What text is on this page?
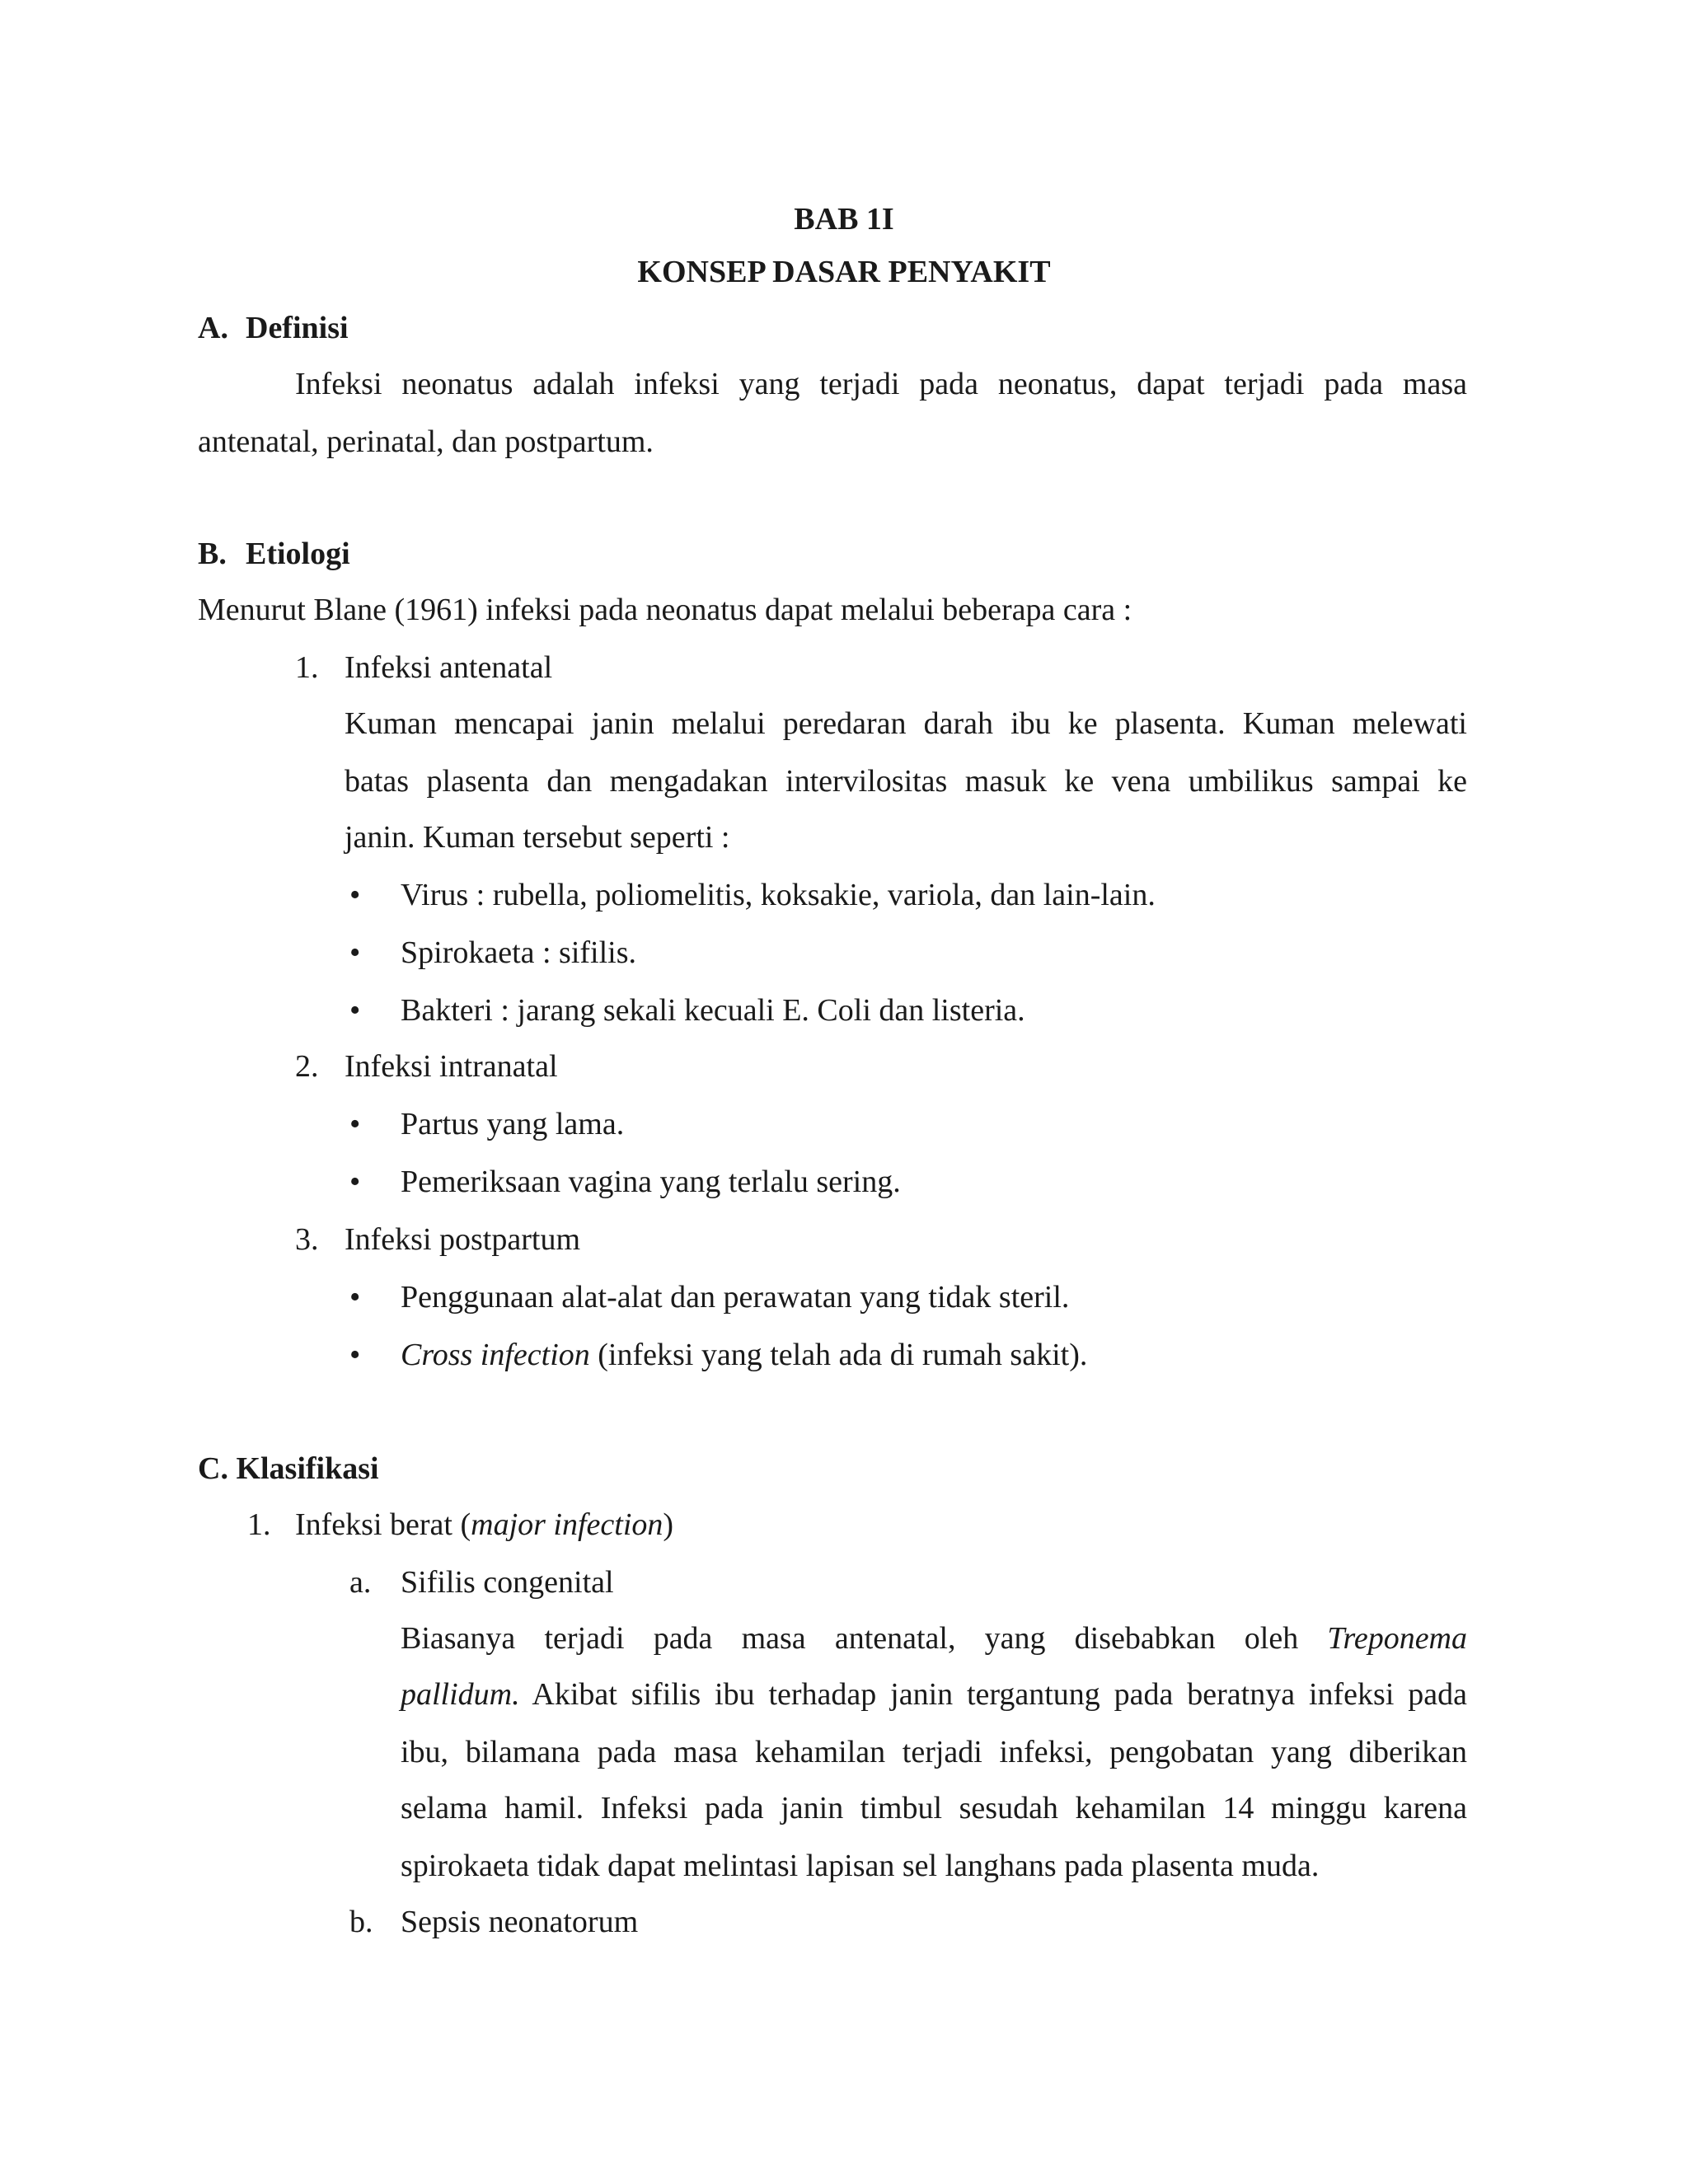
BAB 1I
KONSEP DASAR PENYAKIT
A. Definisi
Infeksi neonatus adalah infeksi yang terjadi pada neonatus, dapat terjadi pada masa
antenatal, perinatal, dan postpartum.
B. Etiologi
Menurut Blane (1961) infeksi pada neonatus dapat melalui beberapa cara :
1. Infeksi antenatal
Kuman mencapai janin melalui peredaran darah ibu ke plasenta. Kuman melewati
batas plasenta dan mengadakan intervilositas masuk ke vena umbilikus sampai ke
janin. Kuman tersebut seperti :
• Virus : rubella, poliomelitis, koksakie, variola, dan lain-lain.
• Spirokaeta : sifilis.
• Bakteri : jarang sekali kecuali E. Coli dan listeria.
2. Infeksi intranatal
• Partus yang lama.
• Pemeriksaan vagina yang terlalu sering.
3. Infeksi postpartum
• Penggunaan alat-alat dan perawatan yang tidak steril.
• Cross infection (infeksi yang telah ada di rumah sakit).
C. Klasifikasi
1. Infeksi berat (major infection)
a. Sifilis congenital
Biasanya terjadi pada masa antenatal, yang disebabkan oleh Treponema
pallidum. Akibat sifilis ibu terhadap janin tergantung pada beratnya infeksi pada
ibu, bilamana pada masa kehamilan terjadi infeksi, pengobatan yang diberikan
selama hamil. Infeksi pada janin timbul sesudah kehamilan 14 minggu karena
spirokaeta tidak dapat melintasi lapisan sel langhans pada plasenta muda.
b. Sepsis neonatorum
